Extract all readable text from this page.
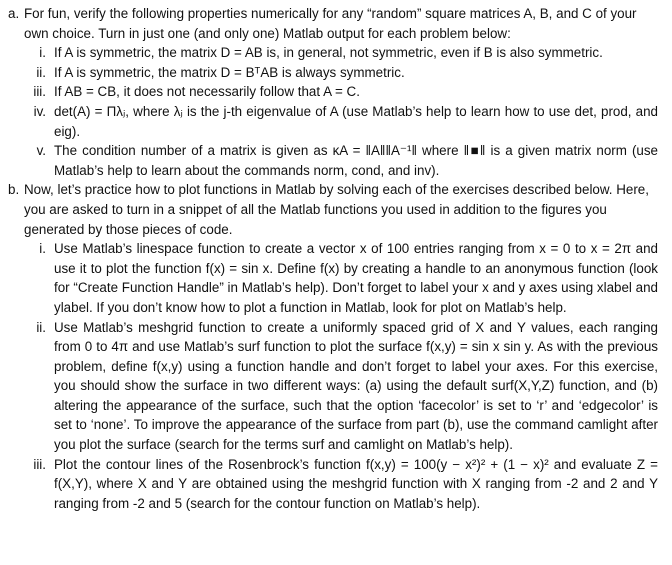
a. For fun, verify the following properties numerically for any “random” square matrices A, B, and C of your own choice. Turn in just one (and only one) Matlab output for each problem below:
i. If A is symmetric, the matrix D = AB is, in general, not symmetric, even if B is also symmetric.
ii. If A is symmetric, the matrix D = BᵀAB is always symmetric.
iii. If AB = CB, it does not necessarily follow that A = C.
iv. det(A) = Πλⱼ, where λⱼ is the j-th eigenvalue of A (use Matlab’s help to learn how to use det, prod, and eig).
v. The condition number of a matrix is given as κA = ‖A‖‖A⁻¹‖ where ‖■‖ is a given matrix norm (use Matlab’s help to learn about the commands norm, cond, and inv).
b. Now, let’s practice how to plot functions in Matlab by solving each of the exercises described below. Here, you are asked to turn in a snippet of all the Matlab functions you used in addition to the figures you generated by those pieces of code.
i. Use Matlab’s linespace function to create a vector x of 100 entries ranging from x = 0 to x = 2π and use it to plot the function f(x) = sin x. Define f(x) by creating a handle to an anonymous function (look for “Create Function Handle” in Matlab’s help). Don’t forget to label your x and y axes using xlabel and ylabel. If you don’t know how to plot a function in Matlab, look for plot on Matlab’s help.
ii. Use Matlab’s meshgrid function to create a uniformly spaced grid of X and Y values, each ranging from 0 to 4π and use Matlab’s surf function to plot the surface f(x,y) = sin x sin y. As with the previous problem, define f(x,y) using a function handle and don’t forget to label your axes. For this exercise, you should show the surface in two different ways: (a) using the default surf(X,Y,Z) function, and (b) altering the appearance of the surface, such that the option ‘facecolor’ is set to ‘r’ and ‘edgecolor’ is set to ‘none’. To improve the appearance of the surface from part (b), use the command camlight after you plot the surface (search for the terms surf and camlight on Matlab’s help).
iii. Plot the contour lines of the Rosenbrock’s function f(x,y) = 100(y − x²)² + (1 − x)² and evaluate Z = f(X,Y), where X and Y are obtained using the meshgrid function with X ranging from -2 and 2 and Y ranging from -2 and 5 (search for the contour function on Matlab’s help).
